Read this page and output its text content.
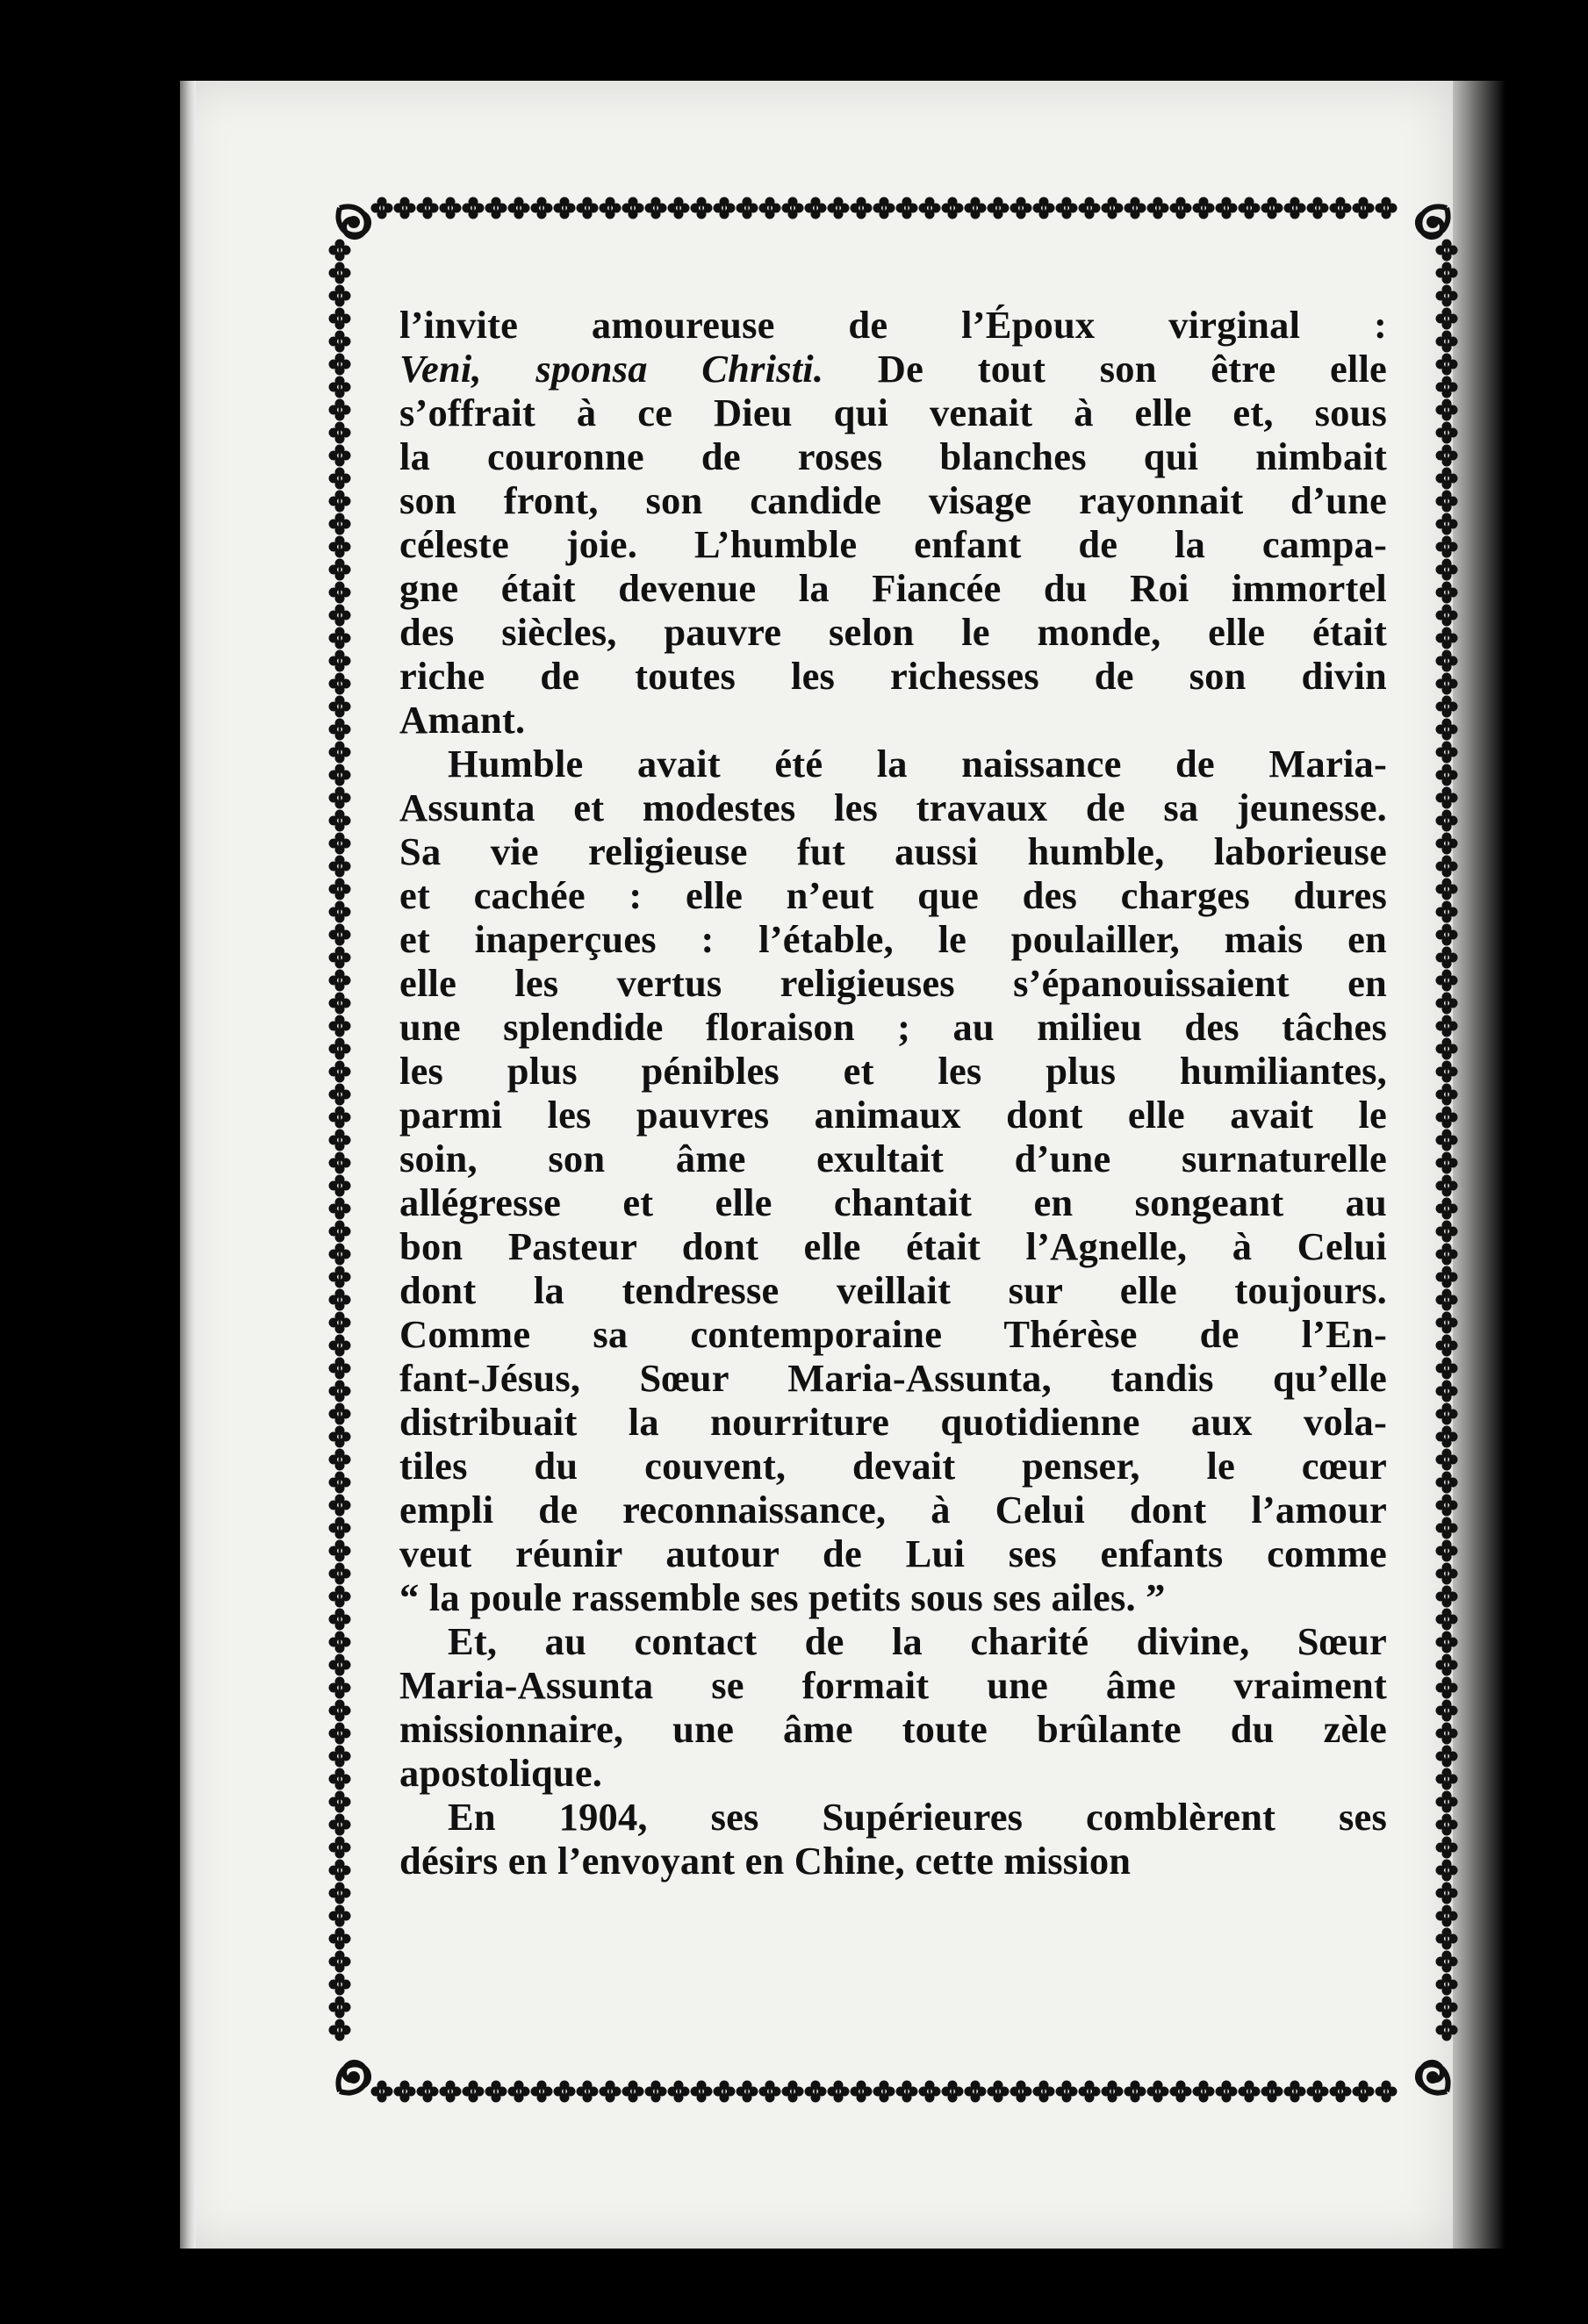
l’invite amoureuse de l’Époux virginal :
Veni, sponsa Christi. De tout son être elle
s’offrait à ce Dieu qui venait à elle et, sous
la couronne de roses blanches qui nimbait
son front, son candide visage rayonnait d’une
céleste joie. L’humble enfant de la campa-
gne était devenue la Fiancée du Roi immortel
des siècles, pauvre selon le monde, elle était
riche de toutes les richesses de son divin
Amant.

Humble avait été la naissance de Maria-
Assunta et modestes les travaux de sa jeunesse.
Sa vie religieuse fut aussi humble, laborieuse
et cachée : elle n’eut que des charges dures
et inaperçues : l’étable, le poulailler, mais en
elle les vertus religieuses s’épanouissaient en
une splendide floraison ; au milieu des tâches
les plus pénibles et les plus humiliantes,
parmi les pauvres animaux dont elle avait le
soin, son âme exultait d’une surnaturelle
allégresse et elle chantait en songeant au
bon Pasteur dont elle était l’Agnelle, à Celui
dont la tendresse veillait sur elle toujours.
Comme sa contemporaine Thérèse de l’En-
fant-Jésus, Sœur Maria-Assunta, tandis qu’elle
distribuait la nourriture quotidienne aux vola-
tiles du couvent, devait penser, le cœur
empli de reconnaissance, à Celui dont l’amour
veut réunir autour de Lui ses enfants comme
“ la poule rassemble ses petits sous ses ailes. ”

Et, au contact de la charité divine, Sœur
Maria-Assunta se formait une âme vraiment
missionnaire, une âme toute brûlante du zèle
apostolique.

En 1904, ses Supérieures comblèrent ses
désirs en l’envoyant en Chine, cette mission
